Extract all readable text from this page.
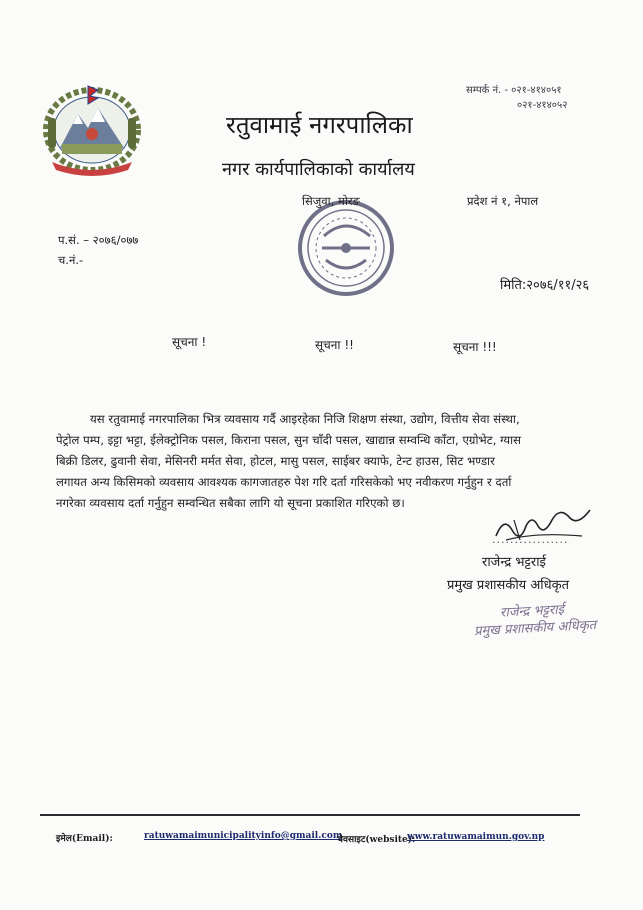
सम्पर्क नं. - ०२१-४१४०५१
०२१-४१४०५२
रतुवामाई नगरपालिका
नगर कार्यपालिकाको कार्यालय
सिजुवा, मोरङ	प्रदेश नं १, नेपाल
प.सं. – २०७६/०७७
च.नं.-
मिति:२०७६/११/२६
सूचना !	सूचना !!	सूचना !!!
यस रतुवामाई नगरपालिका भित्र व्यवसाय गर्दै आइरहेका निजि शिक्षण संस्था, उद्योग, वित्तीय सेवा संस्था,
पेट्रोल पम्प, इट्टा भट्टा, ईलेक्ट्रोनिक पसल, किराना पसल, सुन चाँदी पसल, खाद्यान्न सम्वन्धि काँटा, एग्रोभेट, ग्यास
बिक्री डिलर, ढुवानी सेवा, मेसिनरी मर्मत सेवा, होटल, मासु पसल, साईबर क्याफे, टेन्ट हाउस, सिट भण्डार
लगायत अन्य किसिमको व्यवसाय आवश्यक कागजातहरु पेश गरि दर्ता गरिसकेको भए नवीकरण गर्नुहुन र दर्ता
नगरेका व्यवसाय दर्ता गर्नुहुन सम्वन्धित सबैका लागि यो सूचना प्रकाशित गरिएको छ।
.................
राजेन्द्र भट्टराई
प्रमुख प्रशासकीय अधिकृत
राजेन्द्र भट्टराई
प्रमुख प्रशासकीय अधिकृत
इमेल(Email):	ratuwamaimunicipalityinfo@gmail.com
वेवसाइट(website):
www.ratuwamaimun.gov.np
